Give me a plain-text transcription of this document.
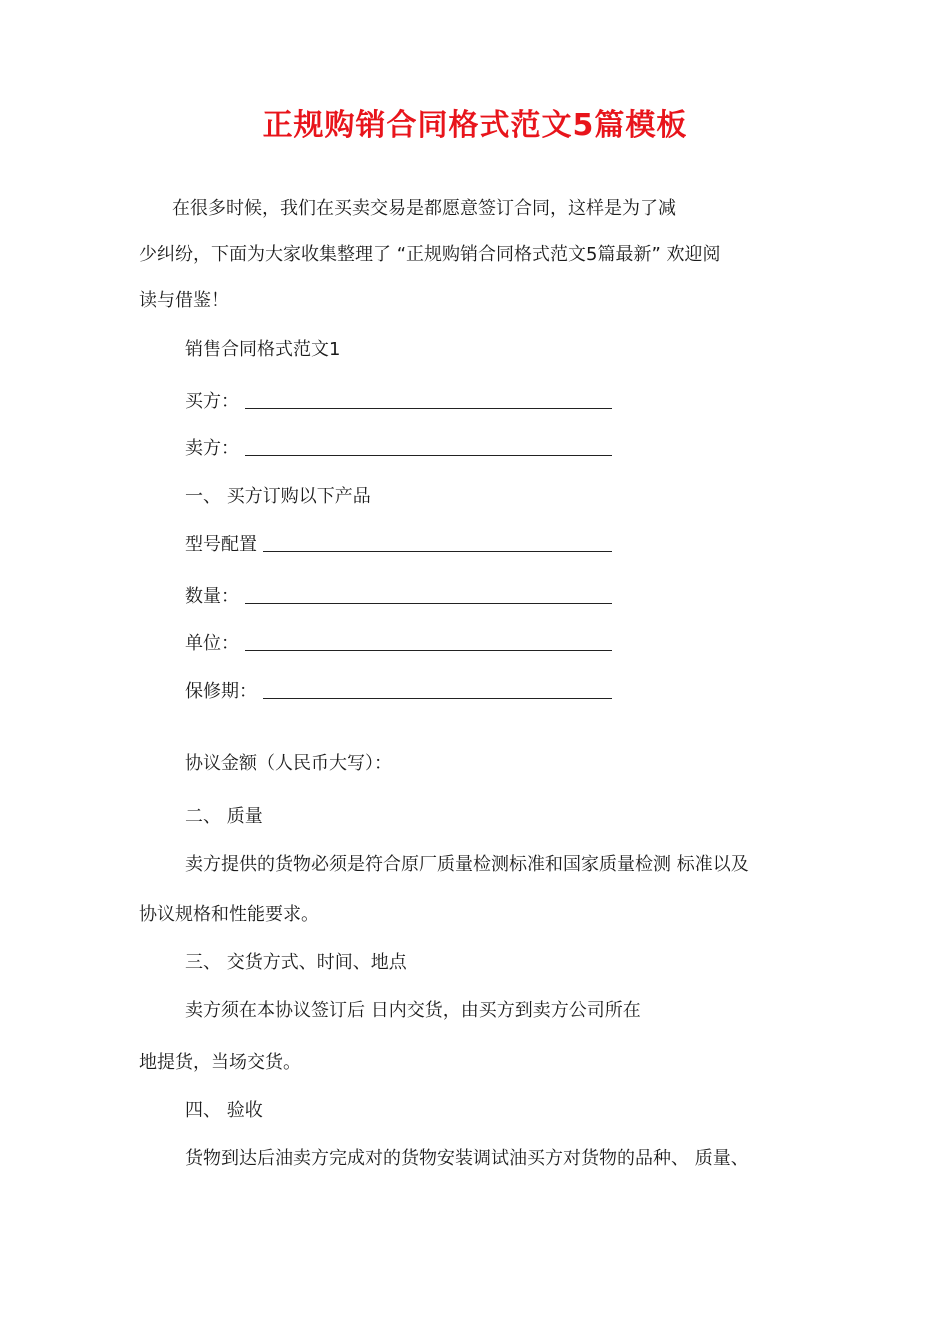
正规购销合同格式范文5篇模板
在很多时候，我们在买卖交易是都愿意签订合同，这样是为了减
少纠纷，下面为大家收集整理了 “正规购销合同格式范文5篇最新” 欢迎阅
读与借鉴！
销售合同格式范文1
买方：
卖方：
一、 买方订购以下产品
型号配置
数量：
单位：
保修期：
协议金额（人民币大写）：
二、 质量
卖方提供的货物必须是符合原厂质量检测标准和国家质量检测 标准以及
协议规格和性能要求。
三、 交货方式、时间、地点
卖方须在本协议签订后 日内交货，由买方到卖方公司所在
地提货，当场交货。
四、 验收
货物到达后油卖方完成对的货物安装调试油买方对货物的品种、 质量、
